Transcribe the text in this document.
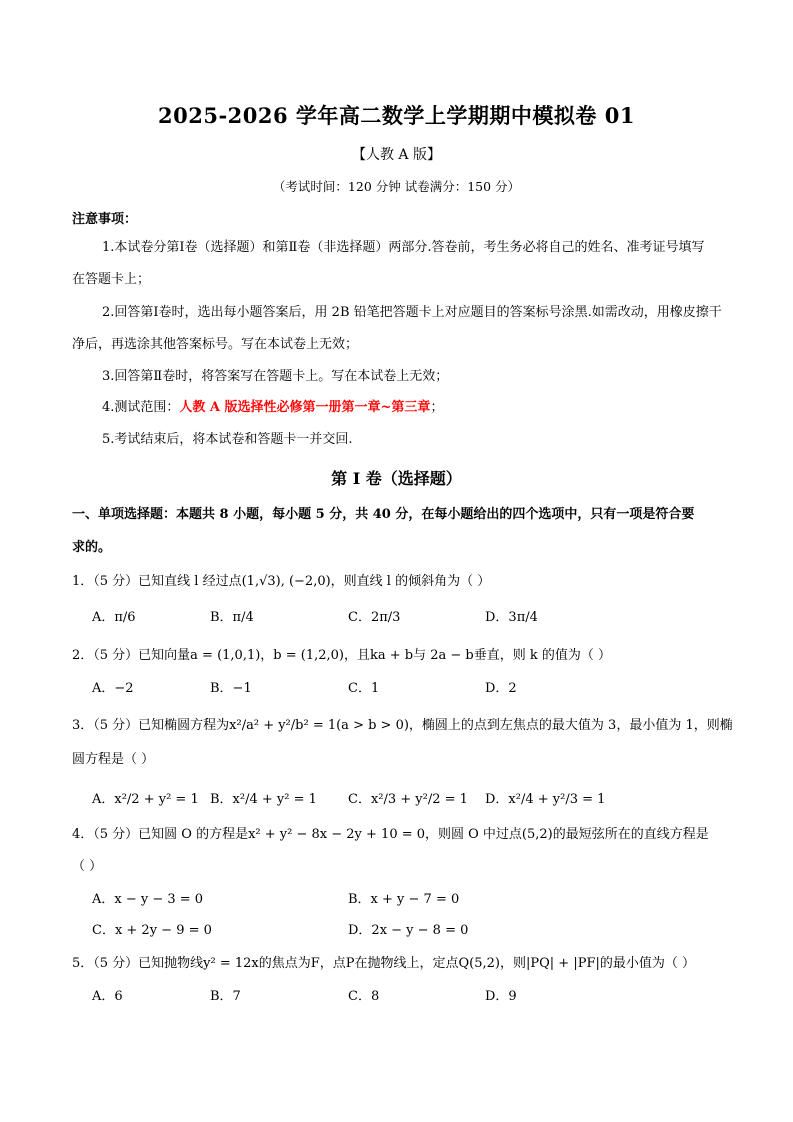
2025-2026 学年高二数学上学期期中模拟卷 01
【人教 A 版】
（考试时间：120 分钟 试卷满分：150 分）
注意事项：
1.本试卷分第Ⅰ卷（选择题）和第Ⅱ卷（非选择题）两部分.答卷前，考生务必将自己的姓名、准考证号填写
在答题卡上；
2.回答第Ⅰ卷时，选出每小题答案后，用 2B 铅笔把答题卡上对应题目的答案标号涂黑.如需改动，用橡皮擦干
净后，再选涂其他答案标号。写在本试卷上无效；
3.回答第Ⅱ卷时，将答案写在答题卡上。写在本试卷上无效；
4.测试范围：人教 A 版选择性必修第一册第一章~第三章；
5.考试结束后，将本试卷和答题卡一并交回.
第 I 卷（选择题）
一、单项选择题：本题共 8 小题，每小题 5 分，共 40 分，在每小题给出的四个选项中，只有一项是符合要
求的。
1．（5 分）已知直线 l 经过点(1,√3), (−2,0)，则直线 l 的倾斜角为（ ）
A．π/6	B．π/4	C．2π/3	D．3π/4
2．（5 分）已知向量a = (1,0,1)，b = (1,2,0)，且ka + b与 2a − b垂直，则 k 的值为（ ）
A．−2	B．−1	C．1	D．2
3．（5 分）已知椭圆方程为x²/a² + y²/b² = 1(a > b > 0)，椭圆上的点到左焦点的最大值为 3，最小值为 1，则椭
圆方程是（ ）
A．x²/2 + y² = 1 B．x²/4 + y² = 1 C．x²/3 + y²/2 = 1 D．x²/4 + y²/3 = 1
4．（5 分）已知圆 O 的方程是x² + y² − 8x − 2y + 10 = 0，则圆 O 中过点(5,2)的最短弦所在的直线方程是
（ ）
A．x − y − 3 = 0	B．x + y − 7 = 0
C．x + 2y − 9 = 0	D．2x − y − 8 = 0
5．（5 分）已知抛物线y² = 12x的焦点为F，点P在抛物线上，定点Q(5,2)，则|PQ| + |PF|的最小值为（ ）
A．6	B．7	C．8	D．9
